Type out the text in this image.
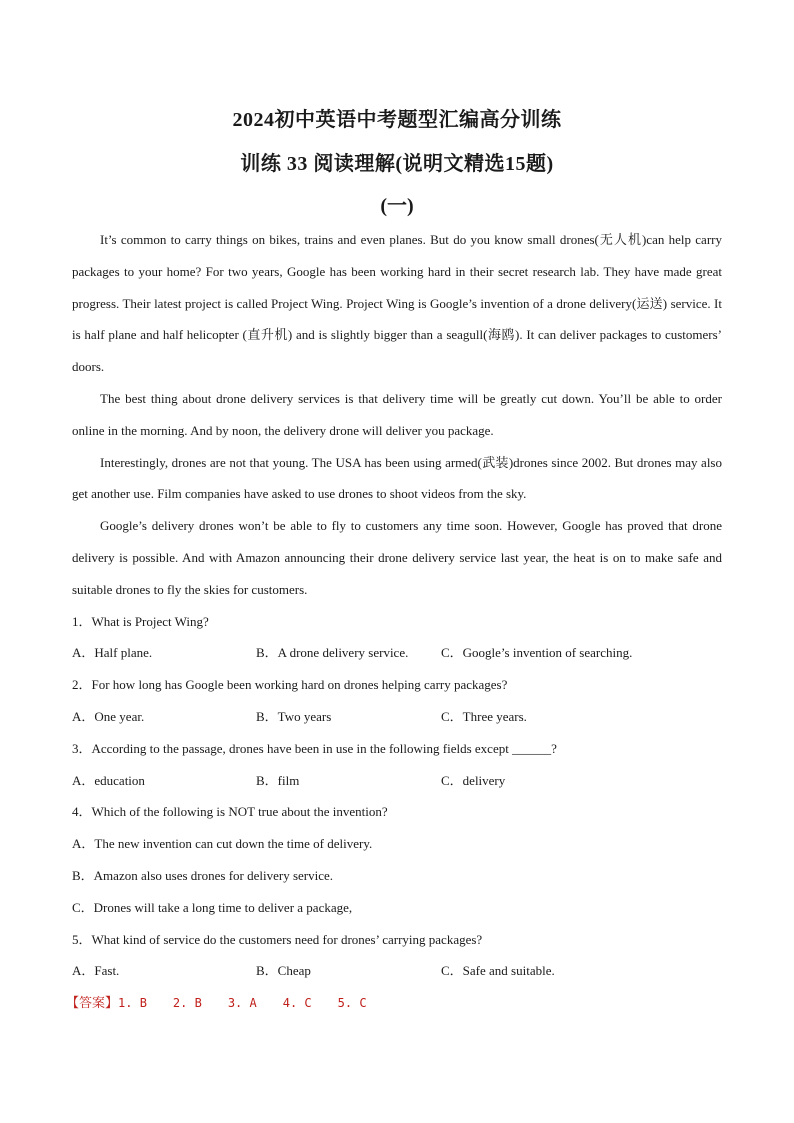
2024初中英语中考题型汇编高分训练
训练 33 阅读理解(说明文精选15题)
(一)

It’s common to carry things on bikes, trains and even planes. But do you know small drones(无人机)can help carry packages to your home? For two years, Google has been working hard in their secret research lab. They have made great progress. Their latest project is called Project Wing. Project Wing is Google’s invention of a drone delivery(运送) service. It is half plane and half helicopter (直升机) and is slightly bigger than a seagull(海鸥). It can deliver packages to customers’ doors.

The best thing about drone delivery services is that delivery time will be greatly cut down. You’ll be able to order online in the morning. And by noon, the delivery drone will deliver you package.

Interestingly, drones are not that young. The USA has been using armed(武装)drones since 2002. But drones may also get another use. Film companies have asked to use drones to shoot videos from the sky.

Google’s delivery drones won’t be able to fly to customers any time soon. However, Google has proved that drone delivery is possible. And with Amazon announcing their drone delivery service last year, the heat is on to make safe and suitable drones to fly the skies for customers.

1．What is Project Wing?

A．Half plane.	B．A drone delivery service.	C．Google’s invention of searching.

2．For how long has Google been working hard on drones helping carry packages?

A．One year.	B．Two years	C．Three years.

3．According to the passage, drones have been in use in the following fields except ______?

A．education	B．film	C．delivery

4．Which of the following is NOT true about the invention?

A．The new invention can cut down the time of delivery.
B．Amazon also uses drones for delivery service.
C．Drones will take a long time to deliver a package,

5．What kind of service do the customers need for drones’ carrying packages?

A．Fast.	B．Cheap	C．Safe and suitable.

【答案】1. B 2. B 3. A 4. C 5. C
